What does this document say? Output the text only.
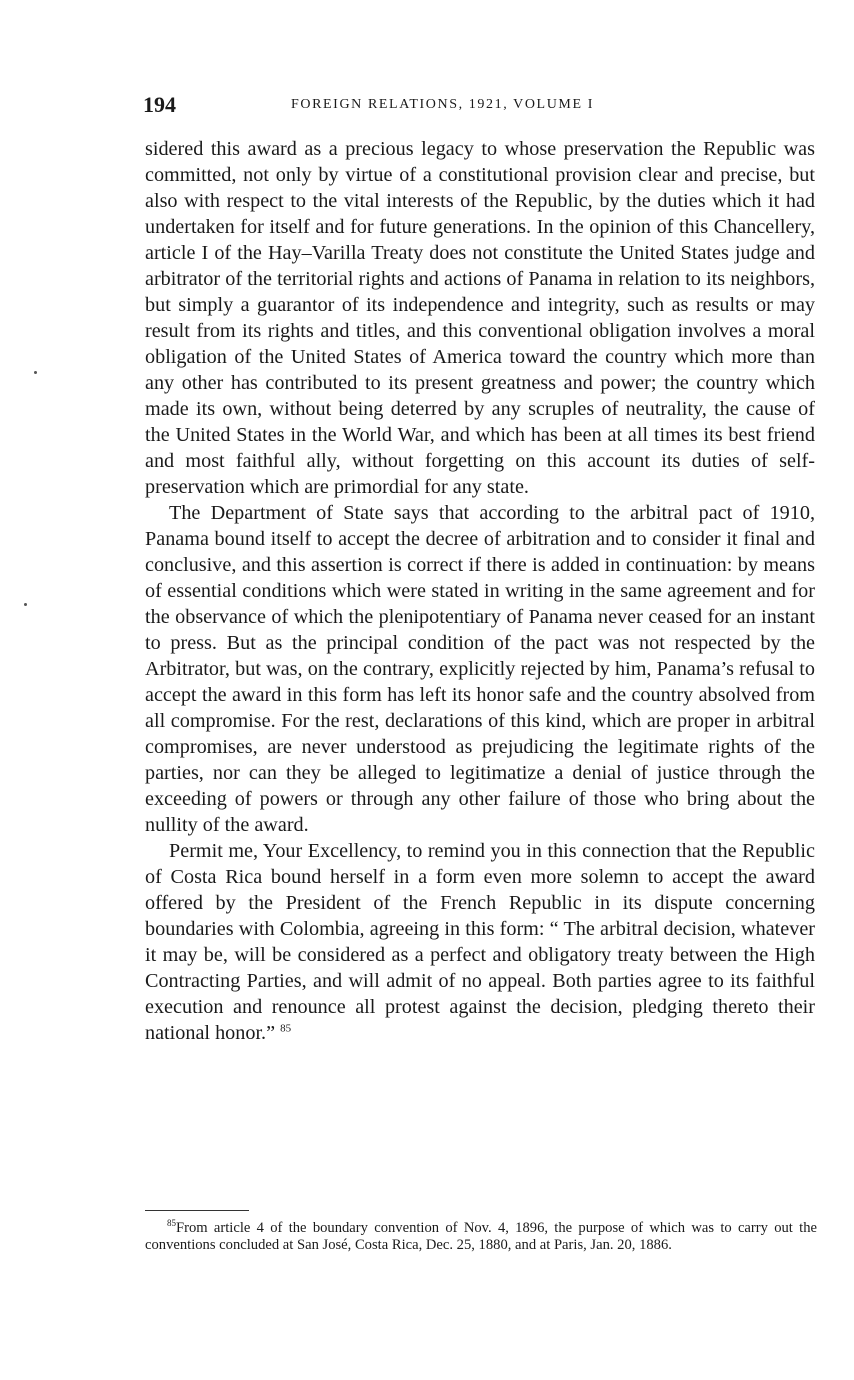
194	FOREIGN RELATIONS, 1921, VOLUME I

sidered this award as a precious legacy to whose preservation the Republic was committed, not only by virtue of a constitutional provision clear and precise, but also with respect to the vital interests of the Republic, by the duties which it had undertaken for itself and for future generations. In the opinion of this Chancellery, article I of the Hay–Varilla Treaty does not constitute the United States judge and arbitrator of the territorial rights and actions of Panama in relation to its neighbors, but simply a guarantor of its independence and integrity, such as results or may result from its rights and titles, and this conventional obligation involves a moral obligation of the United States of America toward the country which more than any other has contributed to its present greatness and power; the country which made its own, without being deterred by any scruples of neutrality, the cause of the United States in the World War, and which has been at all times its best friend and most faithful ally, without forgetting on this account its duties of self-preservation which are primordial for any state.

The Department of State says that according to the arbitral pact of 1910, Panama bound itself to accept the decree of arbitration and to consider it final and conclusive, and this assertion is correct if there is added in continuation: by means of essential conditions which were stated in writing in the same agreement and for the observance of which the plenipotentiary of Panama never ceased for an instant to press. But as the principal condition of the pact was not respected by the Arbitrator, but was, on the contrary, explicitly rejected by him, Panama’s refusal to accept the award in this form has left its honor safe and the country absolved from all compromise. For the rest, declarations of this kind, which are proper in arbitral compromises, are never understood as prejudicing the legitimate rights of the parties, nor can they be alleged to legitimatize a denial of justice through the exceeding of powers or through any other failure of those who bring about the nullity of the award.

Permit me, Your Excellency, to remind you in this connection that the Republic of Costa Rica bound herself in a form even more solemn to accept the award offered by the President of the French Republic in its dispute concerning boundaries with Colombia, agreeing in this form: “ The arbitral decision, whatever it may be, will be considered as a perfect and obligatory treaty between the High Contracting Parties, and will admit of no appeal. Both parties agree to its faithful execution and renounce all protest against the decision, pledging thereto their national honor.” $^{85}$

$^{85}$From article 4 of the boundary convention of Nov. 4, 1896, the purpose of which was to carry out the conventions concluded at San José, Costa Rica, Dec. 25, 1880, and at Paris, Jan. 20, 1886.
